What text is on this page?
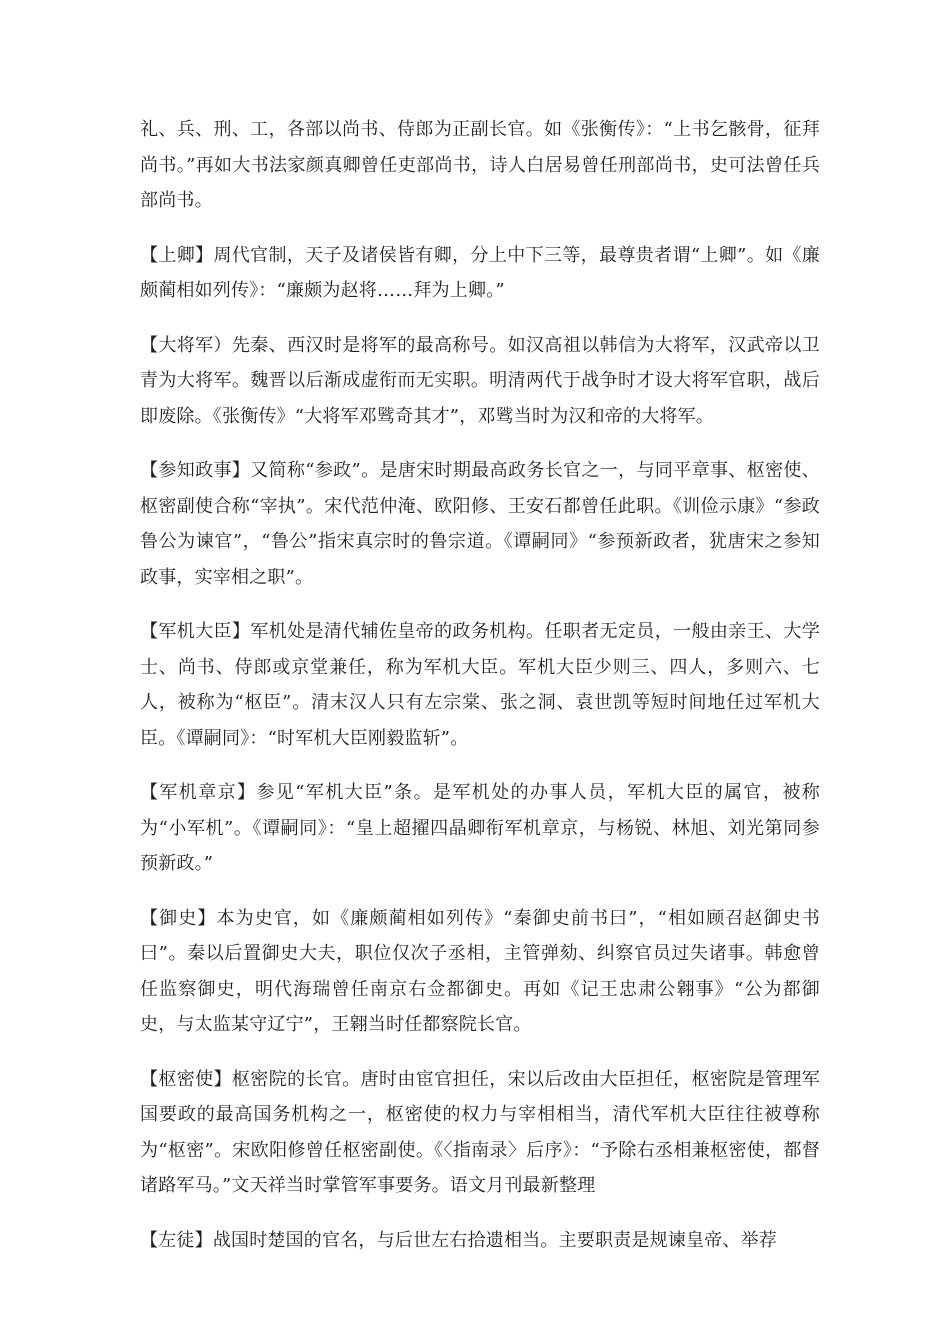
礼、兵、刑、工，各部以尚书、侍郎为正副长官。如《张衡传》：“上书乞骸骨，征拜尚书。”再如大书法家颜真卿曾任吏部尚书，诗人白居易曾任刑部尚书，史可法曾任兵部尚书。

【上卿】周代官制，天子及诸侯皆有卿，分上中下三等，最尊贵者谓“上卿”。如《廉颇蔺相如列传》：“廉颇为赵将……拜为上卿。”

【大将军）先秦、西汉时是将军的最高称号。如汉高祖以韩信为大将军，汉武帝以卫青为大将军。魏晋以后渐成虚衔而无实职。明清两代于战争时才设大将军官职，战后即废除。《张衡传》“大将军邓骘奇其才”，邓骘当时为汉和帝的大将军。

【参知政事】又简称“参政”。是唐宋时期最高政务长官之一，与同平章事、枢密使、枢密副使合称“宰执”。宋代范仲淹、欧阳修、王安石都曾任此职。《训俭示康》“参政鲁公为谏官”，“鲁公”指宋真宗时的鲁宗道。《谭嗣同》“参预新政者，犹唐宋之参知政事，实宰相之职”。

【军机大臣】军机处是清代辅佐皇帝的政务机构。任职者无定员，一般由亲王、大学士、尚书、侍郎或京堂兼任，称为军机大臣。军机大臣少则三、四人，多则六、七人，被称为“枢臣”。清末汉人只有左宗棠、张之洞、袁世凯等短时间地任过军机大臣。《谭嗣同》：“时军机大臣刚毅监斩”。

【军机章京】参见“军机大臣”条。是军机处的办事人员，军机大臣的属官，被称为“小军机”。《谭嗣同》：“皇上超擢四晶卿衔军机章京，与杨锐、林旭、刘光第同参预新政。”

【御史】本为史官，如《廉颇蔺相如列传》“秦御史前书曰”，“相如顾召赵御史书曰”。秦以后置御史大夫，职位仅次子丞相，主管弹劾、纠察官员过失诸事。韩愈曾任监察御史，明代海瑞曾任南京右佥都御史。再如《记王忠肃公翱事》“公为都御史，与太监某守辽宁”，王翱当时任都察院长官。

【枢密使】枢密院的长官。唐时由宦官担任，宋以后改由大臣担任，枢密院是管理军国要政的最高国务机构之一，枢密使的权力与宰相相当，清代军机大臣往往被尊称为“枢密”。宋欧阳修曾任枢密副使。《〈指南录〉后序》：“予除右丞相兼枢密使，都督诸路军马。”文天祥当时掌管军事要务。语文月刊最新整理

【左徒】战国时楚国的官名，与后世左右拾遗相当。主要职责是规谏皇帝、举荐
